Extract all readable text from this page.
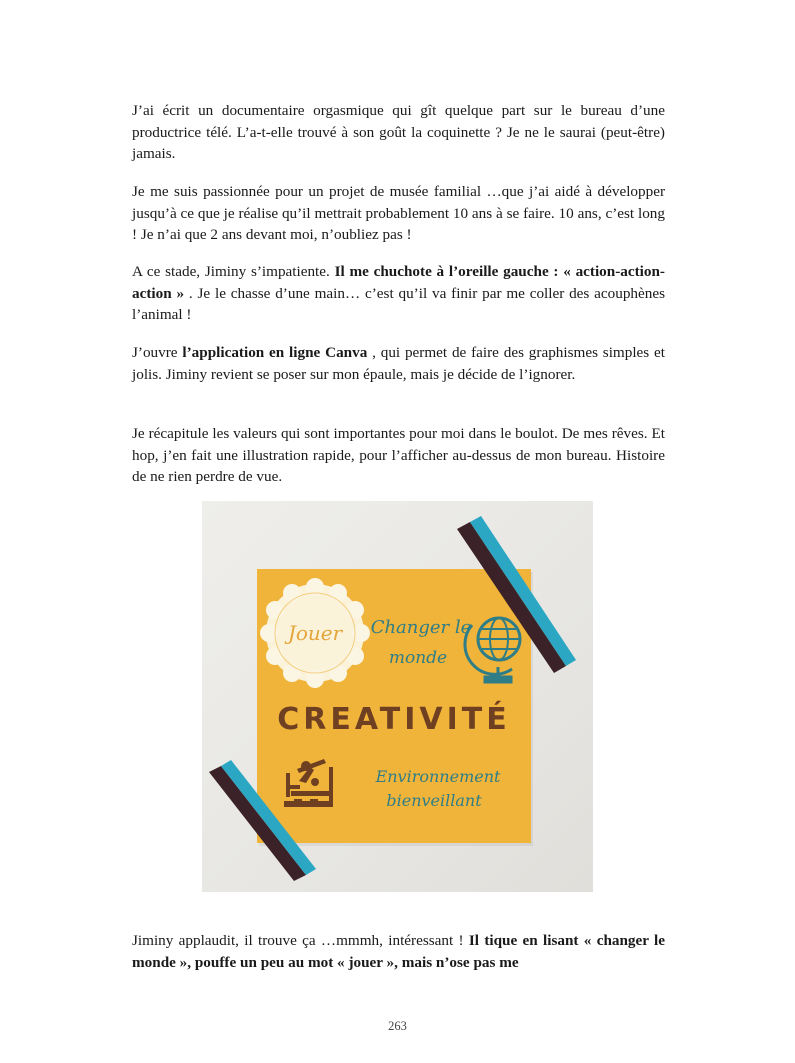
J’ai écrit un documentaire orgasmique qui gît quelque part sur le bureau d’une productrice télé. L’a-t-elle trouvé à son goût la coquinette ? Je ne le saurai (peut-être) jamais.

Je me suis passionnée pour un projet de musée familial …que j’ai aidé à développer jusqu’à ce que je réalise qu’il mettrait probablement 10 ans à se faire. 10 ans, c’est long ! Je n’ai que 2 ans devant moi, n’oubliez pas !

A ce stade, Jiminy s’impatiente. Il me chuchote à l’oreille gauche : « action-action-action » . Je le chasse d’une main… c’est qu’il va finir par me coller des acouphènes l’animal !

J’ouvre l’application en ligne Canva , qui permet de faire des graphismes simples et jolis. Jiminy revient se poser sur mon épaule, mais je décide de l’ignorer.

Je récapitule les valeurs qui sont importantes pour moi dans le boulot. De mes rêves. Et hop, j’en fait une illustration rapide, pour l’afficher au-dessus de mon bureau. Histoire de ne rien perdre de vue.

Jouer Changer le
monde
CREATIVITÉ
Environnement
bienveillant

Jiminy applaudit, il trouve ça …mmmh, intéressant ! Il tique en lisant « changer le monde », pouffe un peu au mot « jouer », mais n’ose pas me

263
